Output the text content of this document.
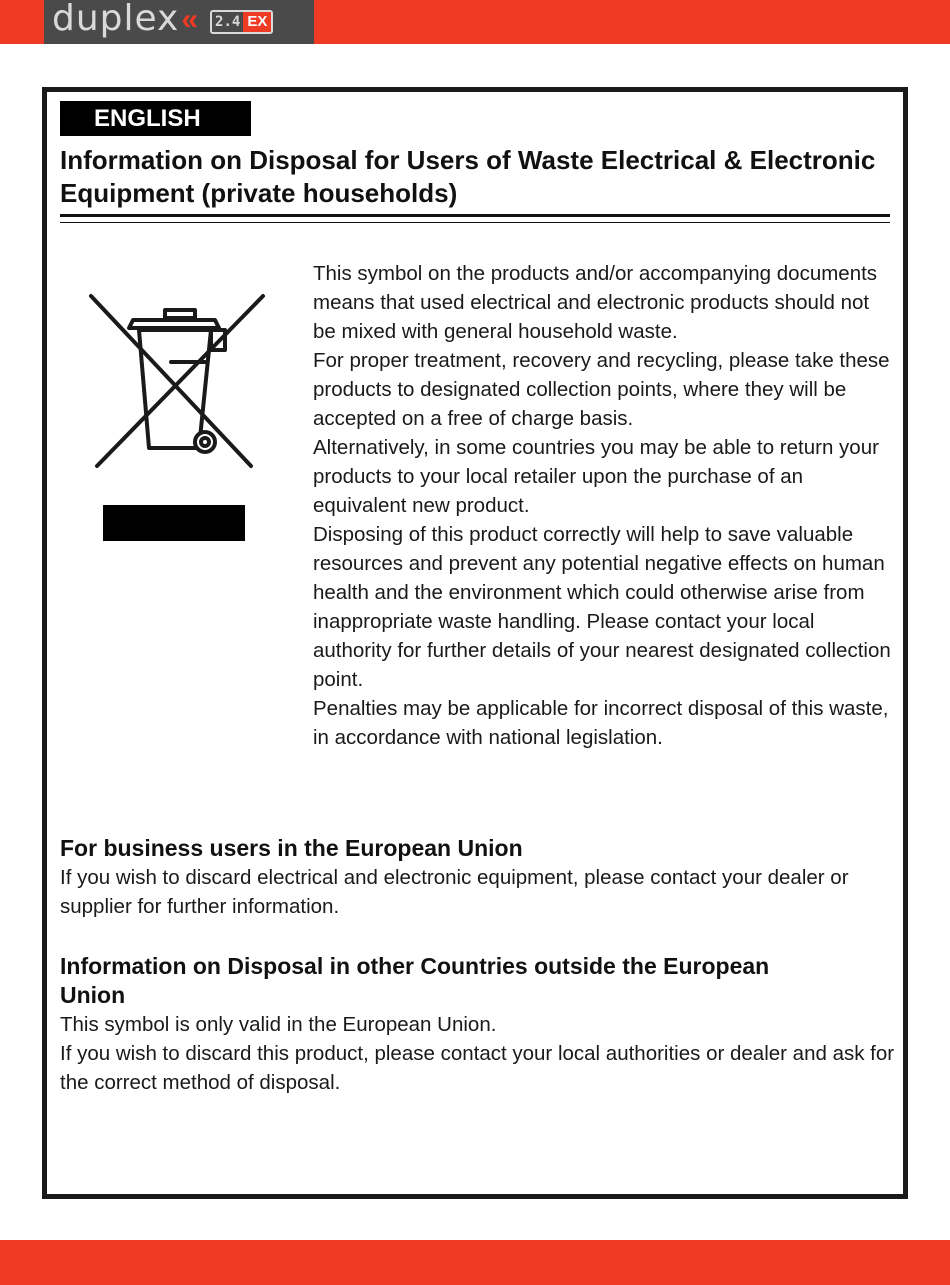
duplex « 2.4 EX
ENGLISH
Information on Disposal for Users of Waste Electrical & Electronic Equipment (private households)

This symbol on the products and/or accompanying documents means that used electrical and electronic products should not be mixed with general household waste.

For proper treatment, recovery and recycling, please take these products to designated collection points, where they will be accepted on a free of charge basis.

Alternatively, in some countries you may be able to return your products to your local retailer upon the purchase of an equivalent new product.

Disposing of this product correctly will help to save valuable resources and prevent any potential negative effects on human health and the environment which could otherwise arise from inappropriate waste handling. Please contact your local authority for further details of your nearest designated collection point.

Penalties may be applicable for incorrect disposal of this waste, in accordance with national legislation.

For business users in the European Union

If you wish to discard electrical and electronic equipment, please contact your dealer or supplier for further information.

Information on Disposal in other Countries outside the European Union

This symbol is only valid in the European Union.

If you wish to discard this product, please contact your local authorities or dealer and ask for the correct method of disposal.
